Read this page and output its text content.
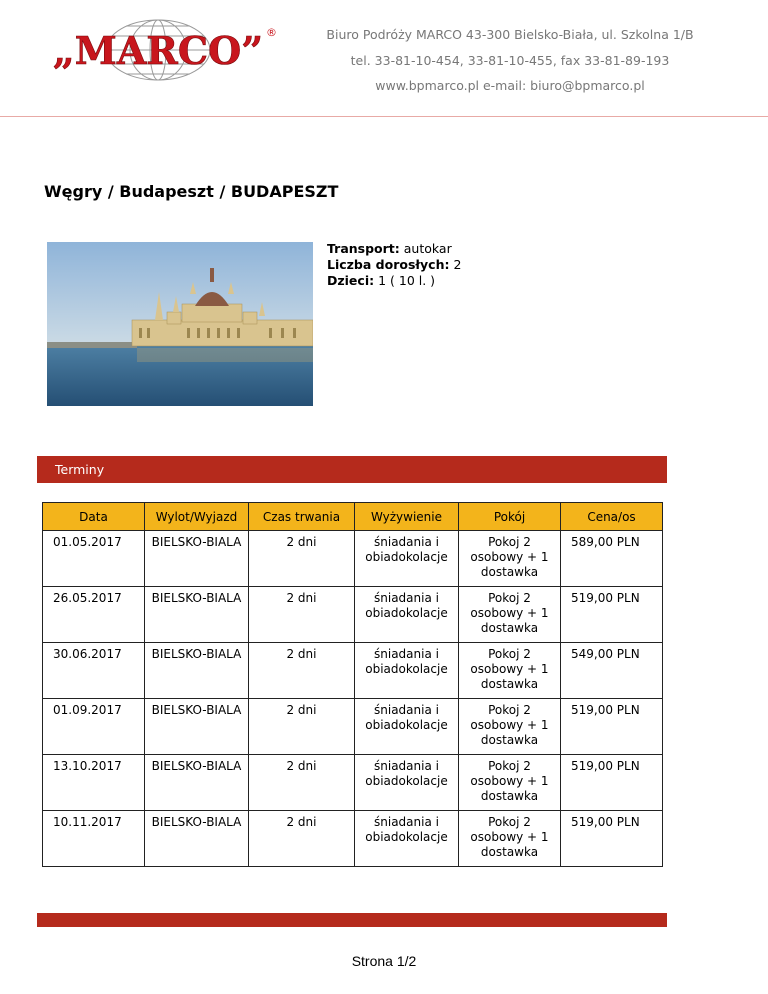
„MARCO” ®	Biuro Podróży MARCO 43-300 Bielsko-Biała, ul. Szkolna 1/B
tel. 33-81-10-454, 33-81-10-455, fax 33-81-89-193
www.bpmarco.pl e-mail: biuro@bpmarco.pl
Węgry / Budapeszt / BUDAPESZT
Transport: autokar
Liczba dorosłych: 2
Dzieci: 1 ( 10 l. )
Terminy
Data	Wylot/Wyjazd	Czas trwania	Wyżywienie	Pokój	Cena/os
01.05.2017	BIELSKO-BIALA	2 dni	śniadania i obiadokolacje	Pokoj 2 osobowy + 1 dostawka	589,00 PLN
26.05.2017	BIELSKO-BIALA	2 dni	śniadania i obiadokolacje	Pokoj 2 osobowy + 1 dostawka	519,00 PLN
30.06.2017	BIELSKO-BIALA	2 dni	śniadania i obiadokolacje	Pokoj 2 osobowy + 1 dostawka	549,00 PLN
01.09.2017	BIELSKO-BIALA	2 dni	śniadania i obiadokolacje	Pokoj 2 osobowy + 1 dostawka	519,00 PLN
13.10.2017	BIELSKO-BIALA	2 dni	śniadania i obiadokolacje	Pokoj 2 osobowy + 1 dostawka	519,00 PLN
10.11.2017	BIELSKO-BIALA	2 dni	śniadania i obiadokolacje	Pokoj 2 osobowy + 1 dostawka	519,00 PLN
Strona 1/2
